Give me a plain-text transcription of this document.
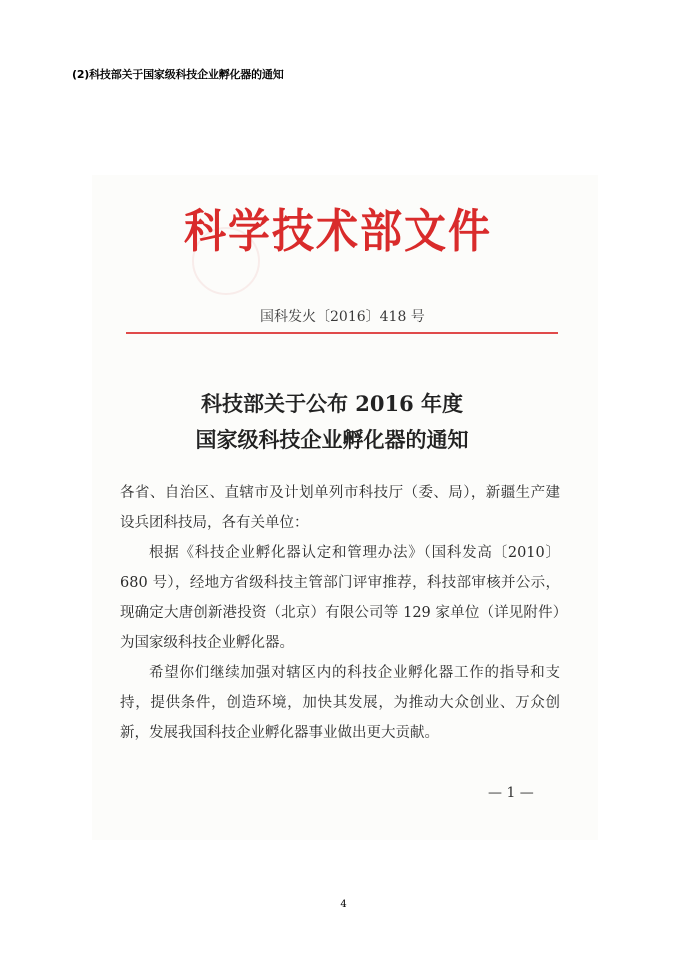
(2)科技部关于国家级科技企业孵化器的通知
科学技术部文件
国科发火〔2016〕418 号
科技部关于公布 2016 年度
国家级科技企业孵化器的通知

各省、自治区、直辖市及计划单列市科技厅（委、局），新疆生产建设兵团科技局，各有关单位：

根据《科技企业孵化器认定和管理办法》（国科发高〔2010〕680 号），经地方省级科技主管部门评审推荐，科技部审核并公示，现确定大唐创新港投资（北京）有限公司等 129 家单位（详见附件）为国家级科技企业孵化器。

希望你们继续加强对辖区内的科技企业孵化器工作的指导和支持，提供条件，创造环境，加快其发展，为推动大众创业、万众创新，发展我国科技企业孵化器事业做出更大贡献。

— 1 —
4
